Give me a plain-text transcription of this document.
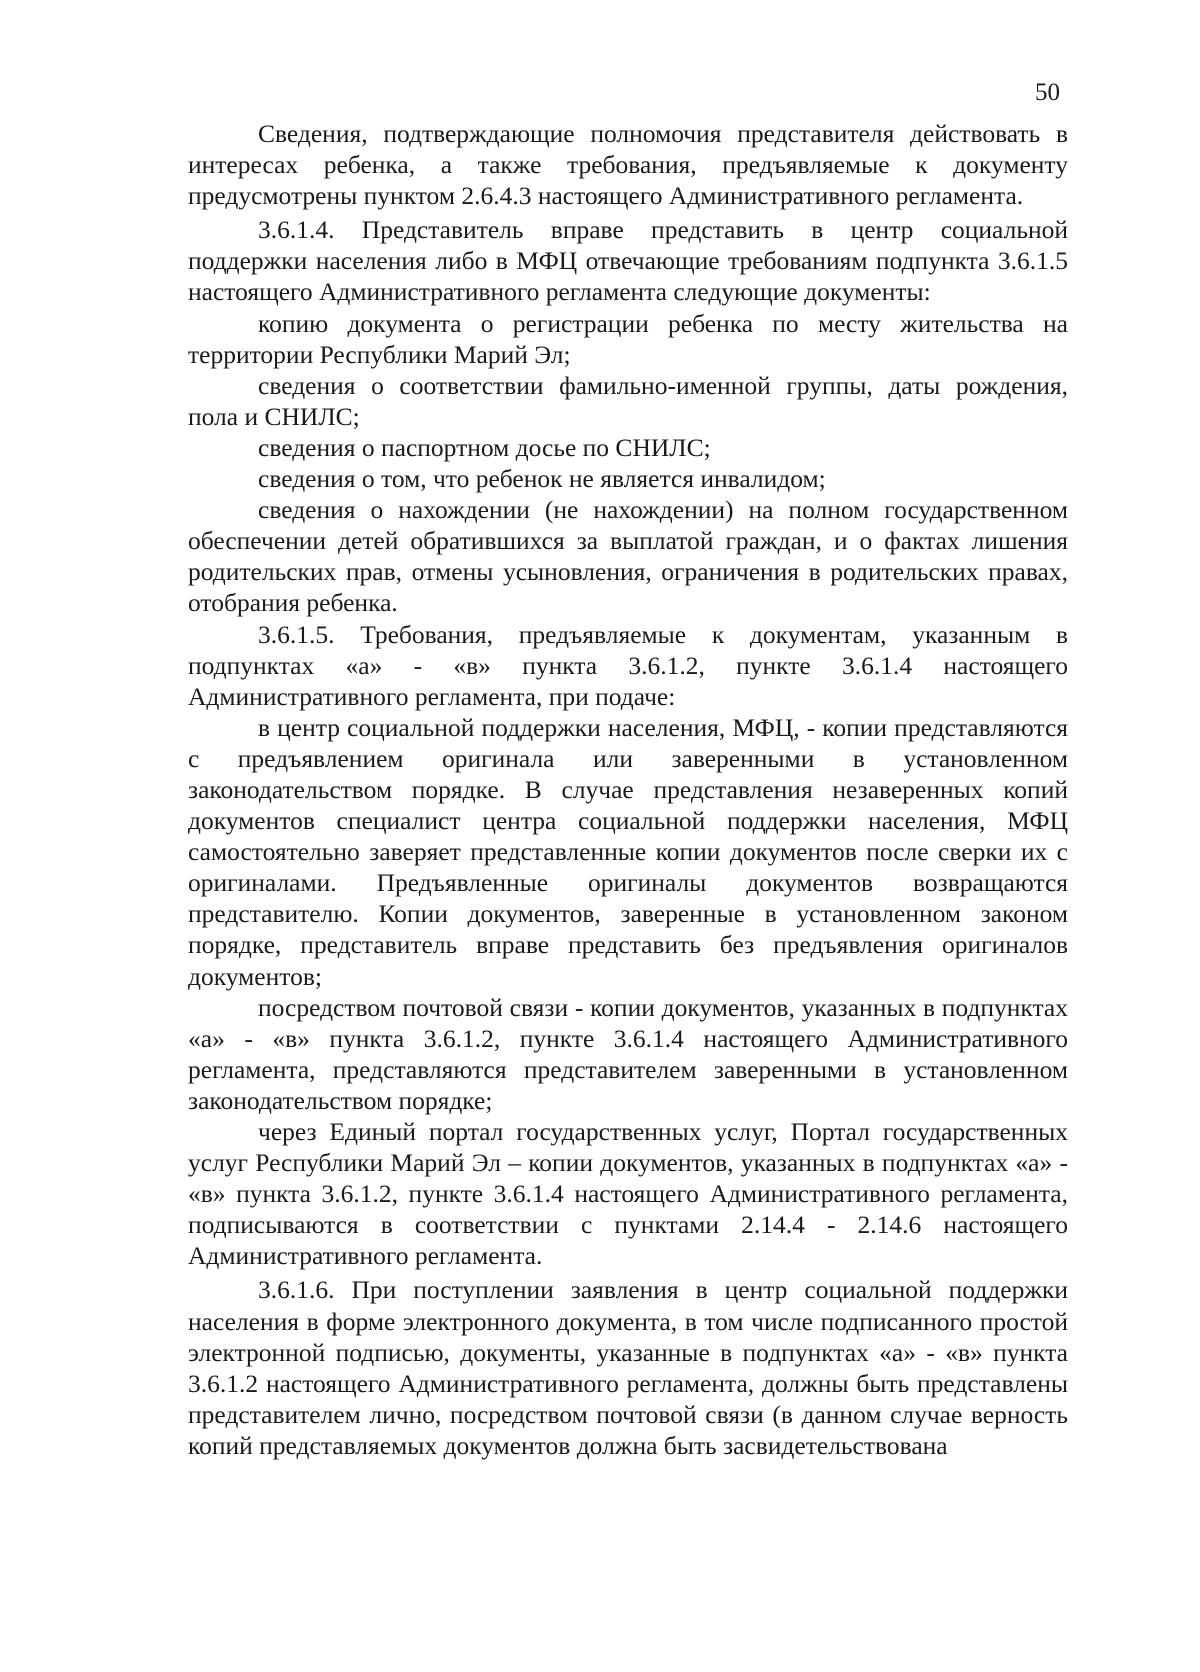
50

Сведения, подтверждающие полномочия представителя действовать в интересах ребенка, а также требования, предъявляемые к документу предусмотрены пунктом 2.6.4.3 настоящего Административного регламента.

3.6.1.4. Представитель вправе представить в центр социальной поддержки населения либо в МФЦ отвечающие требованиям подпункта 3.6.1.5 настоящего Административного регламента следующие документы:

копию документа о регистрации ребенка по месту жительства на территории Республики Марий Эл;

сведения о соответствии фамильно-именной группы, даты рождения, пола и СНИЛС;

сведения о паспортном досье по СНИЛС;

сведения о том, что ребенок не является инвалидом;

сведения о нахождении (не нахождении) на полном государственном обеспечении детей обратившихся за выплатой граждан, и о фактах лишения родительских прав, отмены усыновления, ограничения в родительских правах, отобрания ребенка.

3.6.1.5. Требования, предъявляемые к документам, указанным в подпунктах «а» - «в» пункта 3.6.1.2, пункте 3.6.1.4 настоящего Административного регламента, при подаче:

в центр социальной поддержки населения, МФЦ, - копии представляются с предъявлением оригинала или заверенными в установленном законодательством порядке. В случае представления незаверенных копий документов специалист центра социальной поддержки населения, МФЦ самостоятельно заверяет представленные копии документов после сверки их с оригиналами. Предъявленные оригиналы документов возвращаются представителю. Копии документов, заверенные в установленном законом порядке, представитель вправе представить без предъявления оригиналов документов;

посредством почтовой связи - копии документов, указанных в подпунктах «а» - «в» пункта 3.6.1.2, пункте 3.6.1.4 настоящего Административного регламента, представляются представителем заверенными в установленном законодательством порядке;

через Единый портал государственных услуг, Портал государственных услуг Республики Марий Эл – копии документов, указанных в подпунктах «а» - «в» пункта 3.6.1.2, пункте 3.6.1.4 настоящего Административного регламента, подписываются в соответствии с пунктами 2.14.4 - 2.14.6 настоящего Административного регламента.

3.6.1.6. При поступлении заявления в центр социальной поддержки населения в форме электронного документа, в том числе подписанного простой электронной подписью, документы, указанные в подпунктах «а» - «в» пункта 3.6.1.2 настоящего Административного регламента, должны быть представлены представителем лично, посредством почтовой связи (в данном случае верность копий представляемых документов должна быть засвидетельствована
